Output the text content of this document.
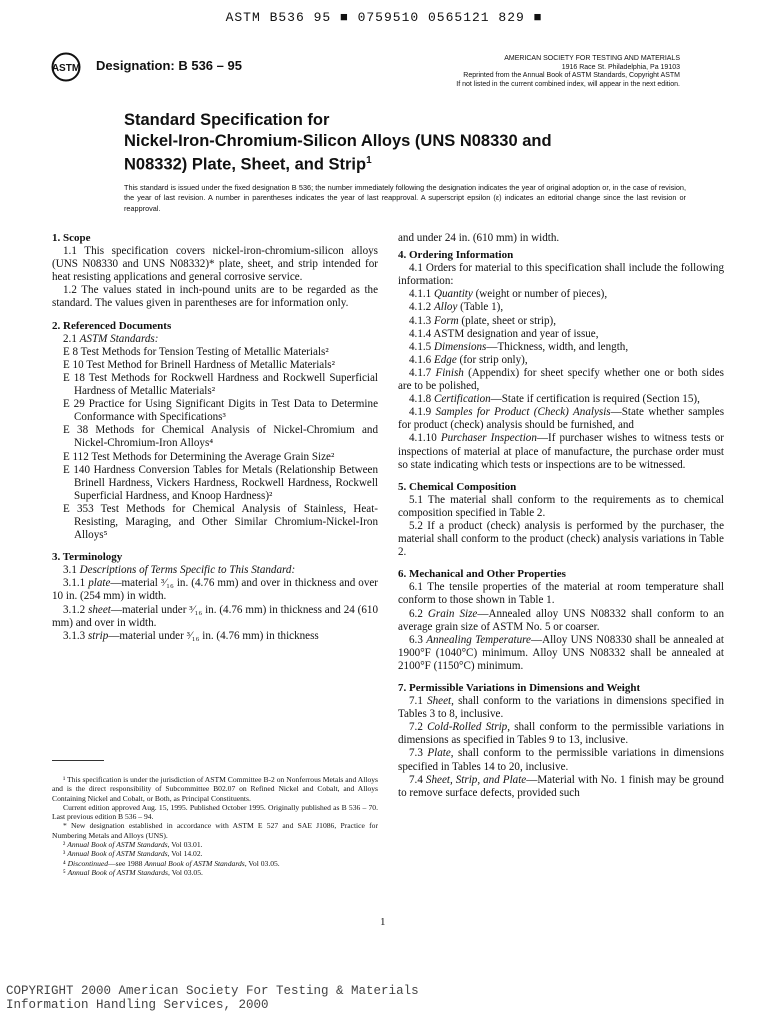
ASTM B536 95 ■ 0759510 0565121 829 ■
ASTM Designation: B 536 – 95	AMERICAN SOCIETY FOR TESTING AND MATERIALS
1916 Race St. Philadelphia, Pa 19103
Reprinted from the Annual Book of ASTM Standards, Copyright ASTM
If not listed in the current combined index, will appear in the next edition.
Standard Specification for
Nickel-Iron-Chromium-Silicon Alloys (UNS N08330 and
N08332) Plate, Sheet, and Strip$^1$
This standard is issued under the fixed designation B 536; the number immediately following the designation indicates the year of original adoption or, in the case of revision, the year of last revision. A number in parentheses indicates the year of last reapproval. A superscript epsilon (ε) indicates an editorial change since the last revision or reapproval.
1. Scope

1.1 This specification covers nickel-iron-chromium-silicon alloys (UNS N08330 and UNS N08332)* plate, sheet, and strip intended for heat resisting applications and general corrosive service.

1.2 The values stated in inch-pound units are to be regarded as the standard. The values given in parentheses are for information only.

2. Referenced Documents

2.1 ASTM Standards:

E 8 Test Methods for Tension Testing of Metallic Materials²

E 10 Test Method for Brinell Hardness of Metallic Materials²

E 18 Test Methods for Rockwell Hardness and Rockwell Superficial Hardness of Metallic Materials²

E 29 Practice for Using Significant Digits in Test Data to Determine Conformance with Specifications³

E 38 Methods for Chemical Analysis of Nickel-Chromium and Nickel-Chromium-Iron Alloys⁴

E 112 Test Methods for Determining the Average Grain Size²

E 140 Hardness Conversion Tables for Metals (Relationship Between Brinell Hardness, Vickers Hardness, Rockwell Hardness, Rockwell Superficial Hardness, and Knoop Hardness)²

E 353 Test Methods for Chemical Analysis of Stainless, Heat-Resisting, Maraging, and Other Similar Chromium-Nickel-Iron Alloys⁵

3. Terminology

3.1 Descriptions of Terms Specific to This Standard:

3.1.1 plate—material ³⁄₁₆ in. (4.76 mm) and over in thickness and over 10 in. (254 mm) in width.

3.1.2 sheet—material under ³⁄₁₆ in. (4.76 mm) in thickness and 24 (610 mm) and over in width.

3.1.3 strip—material under ³⁄₁₆ in. (4.76 mm) in thickness

and under 24 in. (610 mm) in width.

4. Ordering Information

4.1 Orders for material to this specification shall include the following information:

4.1.1 Quantity (weight or number of pieces),

4.1.2 Alloy (Table 1),

4.1.3 Form (plate, sheet or strip),

4.1.4 ASTM designation and year of issue,

4.1.5 Dimensions—Thickness, width, and length,

4.1.6 Edge (for strip only),

4.1.7 Finish (Appendix) for sheet specify whether one or both sides are to be polished,

4.1.8 Certification—State if certification is required (Section 15),

4.1.9 Samples for Product (Check) Analysis—State whether samples for product (check) analysis should be furnished, and

4.1.10 Purchaser Inspection—If purchaser wishes to witness tests or inspections of material at place of manufacture, the purchase order must so state indicating which tests or inspections are to be witnessed.

5. Chemical Composition

5.1 The material shall conform to the requirements as to chemical composition specified in Table 2.

5.2 If a product (check) analysis is performed by the purchaser, the material shall conform to the product (check) analysis variations in Table 2.

6. Mechanical and Other Properties

6.1 The tensile properties of the material at room temperature shall conform to those shown in Table 1.

6.2 Grain Size—Annealed alloy UNS N08332 shall conform to an average grain size of ASTM No. 5 or coarser.

6.3 Annealing Temperature—Alloy UNS N08330 shall be annealed at 1900°F (1040°C) minimum. Alloy UNS N08332 shall be annealed at 2100°F (1150°C) minimum.

7. Permissible Variations in Dimensions and Weight

7.1 Sheet, shall conform to the variations in dimensions specified in Tables 3 to 8, inclusive.

7.2 Cold-Rolled Strip, shall conform to the permissible variations in dimensions as specified in Tables 9 to 13, inclusive.

7.3 Plate, shall conform to the permissible variations in dimensions specified in Tables 14 to 20, inclusive.

7.4 Sheet, Strip, and Plate—Material with No. 1 finish may be ground to remove surface defects, provided such

¹ This specification is under the jurisdiction of ASTM Committee B-2 on Nonferrous Metals and Alloys and is the direct responsibility of Subcommittee B02.07 on Refined Nickel and Cobalt, and Alloys Containing Nickel and Cobalt, or Both, as Principal Constituents.

Current edition approved Aug. 15, 1995. Published October 1995. Originally published as B 536 – 70. Last previous edition B 536 – 94.

* New designation established in accordance with ASTM E 527 and SAE J1086, Practice for Numbering Metals and Alloys (UNS).

² Annual Book of ASTM Standards, Vol 03.01.

³ Annual Book of ASTM Standards, Vol 14.02.

⁴ Discontinued—see 1988 Annual Book of ASTM Standards, Vol 03.05.

⁵ Annual Book of ASTM Standards, Vol 03.05.

1
COPYRIGHT 2000 American Society For Testing & Materials
Information Handling Services, 2000
